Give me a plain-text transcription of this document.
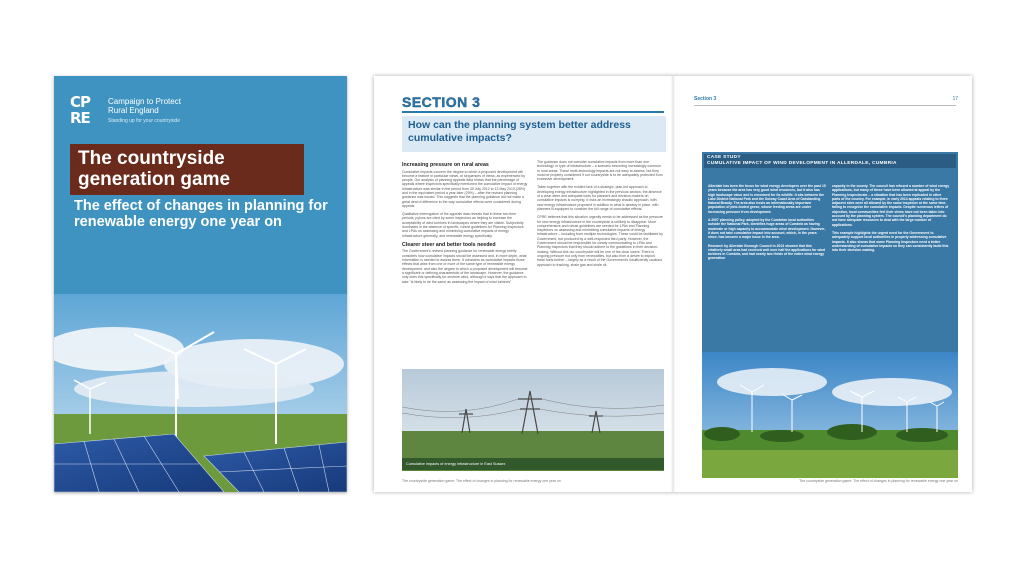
CP
RE
Campaign to Protect
Rural England
Standing up for your countryside
The countryside generation game
The effect of changes in planning for renewable energy one year on
SECTION 3
How can the planning system better address cumulative impacts?
Increasing pressure on rural areas

Cumulative impacts concern the degree to which a proposed development will become a feature in particular views, or sequences of views, as experienced by people. Our analysis of planning appeals data shows that the percentage of appeals where inspectors specifically mentioned the cumulative impact of energy infrastructure was similar in the period from 30 July 2012 to 13 May 2013 (28%) and in the equivalent period a year later (29%) – after the revised planning guidance was issued. This suggests that the planning guidance did not make a great deal of difference to the way cumulative effects were considered during appeals.

Qualitative interrogation of the appeals data reveals that in these two time periods, pylons are cited by some inspectors as helping to increase the acceptability of wind turbines in landscapes where they are visible. Subjectivity dominates in the absence of specific, robust guidelines for Planning Inspectors and LPAs on assessing and minimising cumulative impacts of energy infrastructure generally, and renewable energy specifically.

Clearer steer and better tools needed

The Government's revised planning guidance for renewable energy briefly considers how cumulative impacts should be assessed and, in more depth, what information is needed to assess them. It considers as cumulative impacts those effects that arise from one or more of the same type of renewable energy development, and also the degree to which a proposed development will become a significant or defining characteristic of the landscape. However, the guidance only does this specifically for onshore wind, although it says that the approach to take "is likely to be the same as assessing the impact of wind turbines".

The guidance does not consider cumulative impacts from more than one technology or type of infrastructure – a scenario becoming increasingly common in rural areas. These multi-technology impacts are not easy to assess, but they must be properly considered if our countryside is to be adequately protected from excessive development.

Taken together with the evident lack of a strategic, plan-led approach to developing energy infrastructure highlighted in the previous section, the absence of a clear steer and adequate tools for planners and decision-makers on cumulative impacts is worrying. It risks an increasingly chaotic approach, with new energy infrastructure proposed in addition to what is already in place, with planners ill-equipped to consider the full range of cumulative effects.

CPRE believes that this situation urgently needs to be addressed as the pressure for new energy infrastructure in the countryside is unlikely to disappear. More comprehensive and robust guidelines are needed for LPAs and Planning Inspectors on assessing and minimising cumulative impacts of energy infrastructure – including from multiple technologies. These could be facilitated by Government, but produced by a well-respected third party. However, the Government should be responsible for clearly communicating to LPAs and Planning Inspectors that they should adhere to the guidelines in their decision-making. Without this our countryside will be one of the clear losers. There is ongoing pressure not only from renewables, but also from a desire to exploit fossil fuels further – largely as a result of the Government's insufficiently cautious approach to fracking, shale gas and shale oil.

Cumulative impacts of energy infrastructure in East Sussex
The countryside generation game: The effect of changes in planning for renewable energy one year on
Section 3	17
CASE STUDY
CUMULATIVE IMPACT OF WIND DEVELOPMENT IN ALLERDALE, CUMBRIA

Allerdale has been the focus for wind energy developers over the past 15 years because the area has very good wind resources, but it also has high landscape value and is renowned for its wildlife. It sits between the Lake District National Park and the Solway Coast Area of Outstanding Natural Beauty. The area also hosts an internationally important population of pink-footed geese, whose feeding areas are under increasing pressure from development.

A 2007 planning policy, adopted by the Cumbrian local authorities outside the National Park, identifies huge areas of Cumbria as having moderate or high capacity to accommodate wind development. However, it does not take cumulative impact into account, which, in the years since, has become a major issue in the area.

Research by Allerdale Borough Council in 2013 showed that this relatively small area had received well over half the applications for wind turbines in Cumbria, and had nearly two thirds of the entire wind energy generation

capacity in the county. The council has refused a number of wind energy applications, but many of these have been allowed at appeal by the Planning Inspectorate – a situation that has been replicated in other parts of the country. For example, in early 2014 appeals relating to three adjacent sites were all allowed by the same Inspector at the same time, failing to recognise the cumulative impacts. Despite numerous letters of objection, local communities feel their views have not been taken into account by the planning system. The council's planning department do not have adequate resources to deal with the large number of applications.

This example highlights the urgent need for the Government to adequately support local authorities in properly addressing cumulative impacts. It also shows that some Planning Inspectors need a better understanding of cumulative impacts so they can consistently build this into their decision-making.

The countryside generation game: The effect of changes in planning for renewable energy one year on
